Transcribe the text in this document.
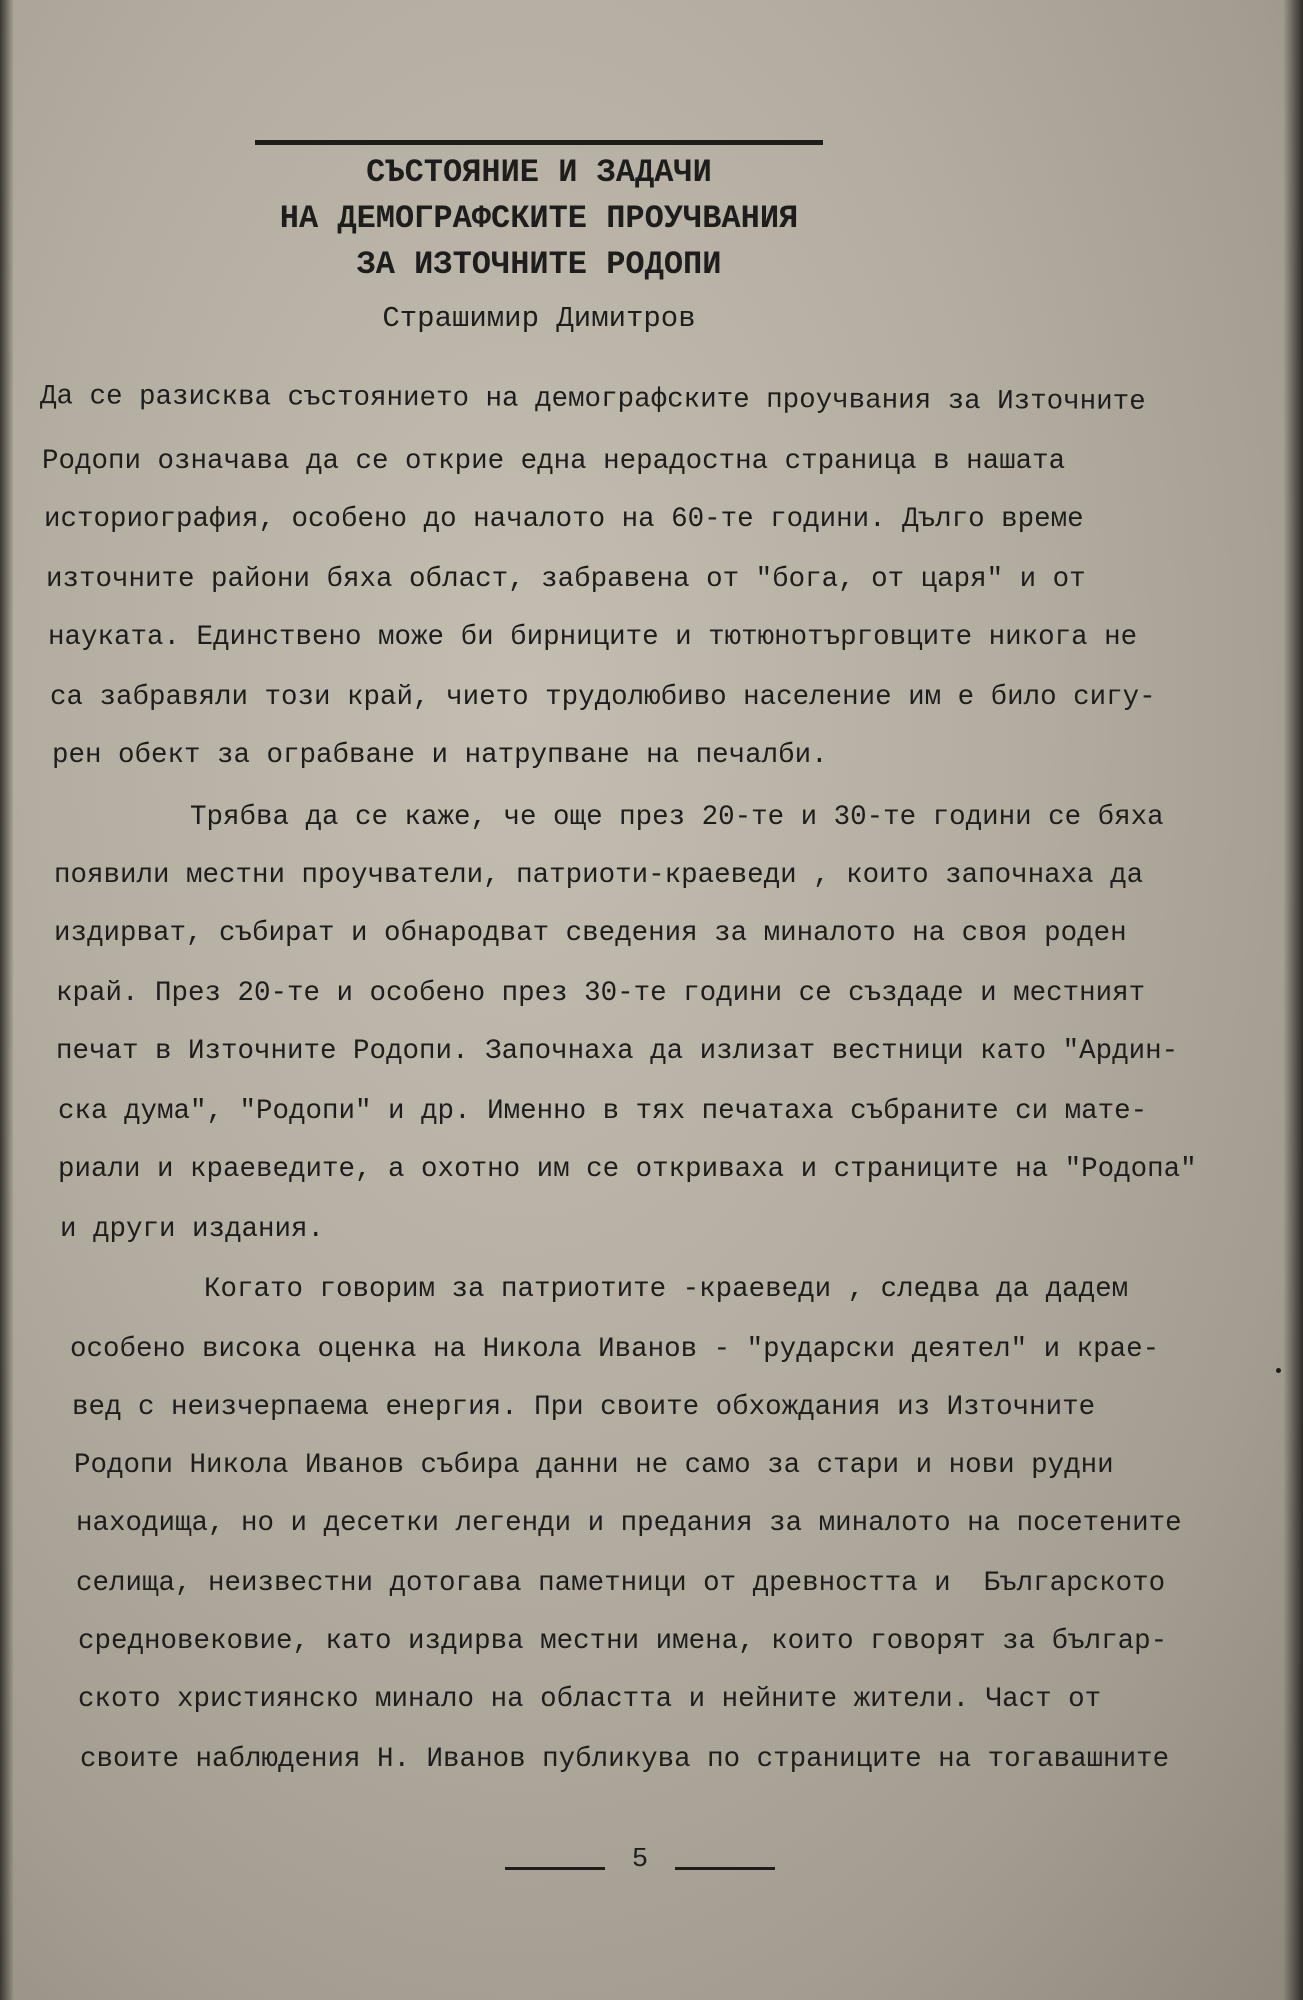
СЪСТОЯНИЕ И ЗАДАЧИ
НА ДЕМОГРАФСКИТЕ ПРОУЧВАНИЯ
ЗА ИЗТОЧНИТЕ РОДОПИ
Страшимир Димитров
Да се разисква състоянието на демографските проучвания за Източните
Родопи означава да се открие една нерадостна страница в нашата
историография, особено до началото на 60-те години. Дълго време
източните райони бяха област, забравена от "бога, от царя" и от
науката. Единствено може би бирниците и тютюнотърговците никога не
са забравяли този край, чието трудолюбиво население им е било сигу-
рен обект за ограбване и натрупване на печалби.
Трябва да се каже, че още през 20-те и 30-те години се бяха
появили местни проучватели, патриоти-краеведи , които започнаха да
издирват, събират и обнародват сведения за миналото на своя роден
край. През 20-те и особено през 30-те години се създаде и местният
печат в Източните Родопи. Започнаха да излизат вестници като "Ардин-
ска дума", "Родопи" и др. Именно в тях печатаха събраните си мате-
риали и краеведите, а охотно им се откриваха и страниците на "Родопа"
и други издания.
Когато говорим за патриотите -краеведи , следва да дадем
особено висока оценка на Никола Иванов - "рударски деятел" и крае-
вед с неизчерпаема енергия. При своите обхождания из Източните
Родопи Никола Иванов събира данни не само за стари и нови рудни
находища, но и десетки легенди и предания за миналото на посетените
селища, неизвестни дотогава паметници от древността и  Българското
средновековие, като издирва местни имена, които говорят за българ-
ското християнско минало на областта и нейните жители. Част от
своите наблюдения Н. Иванов публикува по страниците на тогавашните
5
